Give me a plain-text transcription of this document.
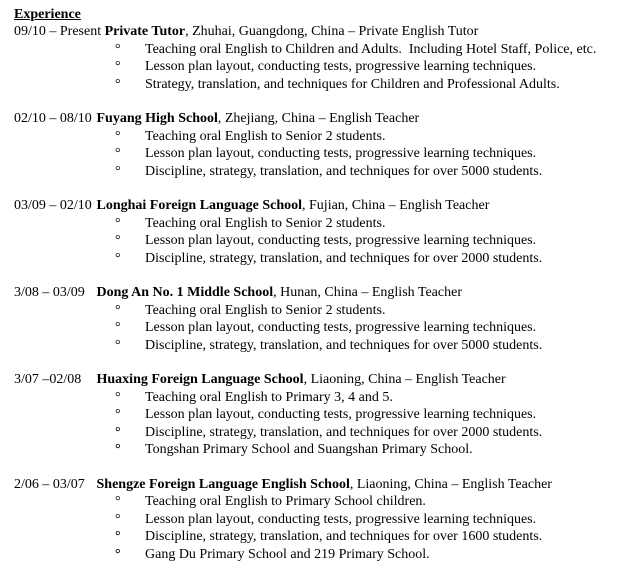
Experience
09/10 – Present Private Tutor, Zhuhai, Guangdong, China – Private English Tutor
° Teaching oral English to Children and Adults.  Including Hotel Staff, Police, etc.
° Lesson plan layout, conducting tests, progressive learning techniques.
° Strategy, translation, and techniques for Children and Professional Adults.
02/10 – 08/10 Fuyang High School, Zhejiang, China – English Teacher
° Teaching oral English to Senior 2 students.
° Lesson plan layout, conducting tests, progressive learning techniques.
° Discipline, strategy, translation, and techniques for over 5000 students.
03/09 – 02/10 Longhai Foreign Language School, Fujian, China – English Teacher
° Teaching oral English to Senior 2 students.
° Lesson plan layout, conducting tests, progressive learning techniques.
° Discipline, strategy, translation, and techniques for over 2000 students.
3/08 – 03/09 Dong An No. 1 Middle School, Hunan, China – English Teacher
° Teaching oral English to Senior 2 students.
° Lesson plan layout, conducting tests, progressive learning techniques.
° Discipline, strategy, translation, and techniques for over 5000 students.
3/07 –02/08 Huaxing Foreign Language School, Liaoning, China – English Teacher
° Teaching oral English to Primary 3, 4 and 5.
° Lesson plan layout, conducting tests, progressive learning techniques.
° Discipline, strategy, translation, and techniques for over 2000 students.
° Tongshan Primary School and Suangshan Primary School.
2/06 – 03/07 Shengze Foreign Language English School, Liaoning, China – English Teacher
° Teaching oral English to Primary School children.
° Lesson plan layout, conducting tests, progressive learning techniques.
° Discipline, strategy, translation, and techniques for over 1600 students.
° Gang Du Primary School and 219 Primary School.
